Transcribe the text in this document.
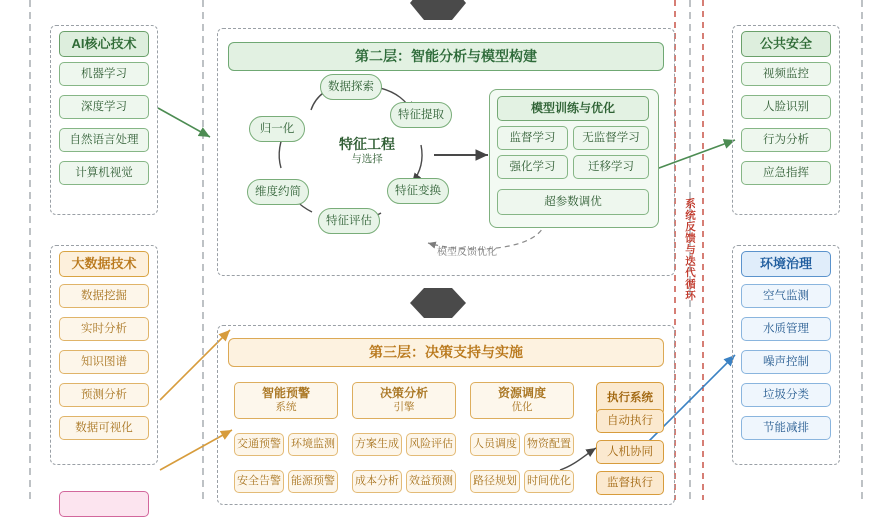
AI核心技术
机器学习
深度学习
自然语言处理
计算机视觉
大数据技术
数据挖掘
实时分析
知识图谱
预测分析
数据可视化
第二层：智能分析与模型构建
特征工程
与选择
数据探索
特征提取
特征变换
特征评估
维度约简
归一化
模型训练与优化
监督学习	无监督学习
强化学习	迁移学习
超参数调优
模型反馈优化
第三层：决策支持与实施
智能预警
系统
交通预警 环境监测
安全告警 能源预警
决策分析
引擎
方案生成 风险评估
成本分析 效益预测
资源调度
优化
人员调度 物资配置
路径规划 时间优化
执行系统
自动执行
人机协同
监督执行
公共安全
视频监控
人脸识别
行为分析
应急指挥
环境治理
空气监测
水质管理
噪声控制
垃圾分类
节能减排
系统反馈与迭代循环
